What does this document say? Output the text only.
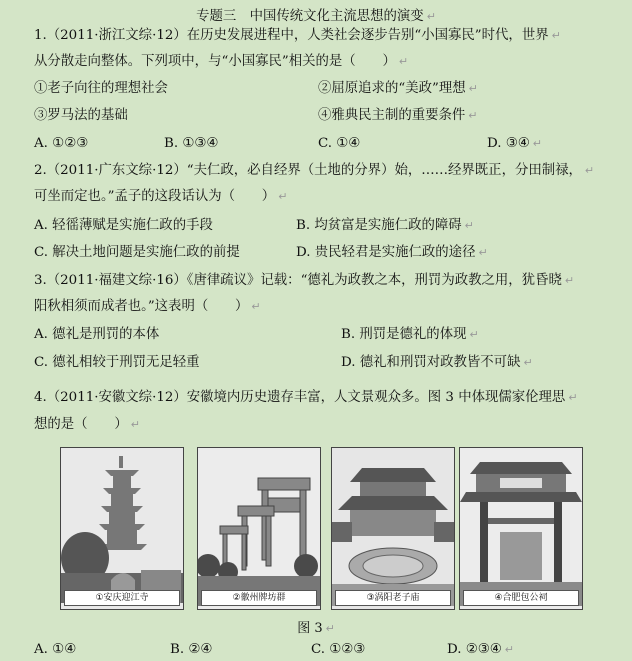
专题三　中国传统文化主流思想的演变 ↵
1.（2011·浙江文综·12）在历史发展进程中，人类社会逐步告别“小国寡民”时代，世界 ↵
从分散走向整体。下列项中，与“小国寡民”相关的是（　　） ↵
①老子向往的理想社会	②屈原追求的“美政”理想 ↵
③罗马法的基础	④雅典民主制的重要条件 ↵
A. ①②③	B. ①③④	C. ①④	D. ③④ ↵
2.（2011·广东文综·12）“夫仁政，必自经界（土地的分界）始，……经界既正，分田制禄， ↵
可坐而定也。”孟子的这段话认为（　　） ↵
A. 轻徭薄赋是实施仁政的手段	B. 均贫富是实施仁政的障碍 ↵
C. 解决土地问题是实施仁政的前提	D. 贵民轻君是实施仁政的途径 ↵
3.（2011·福建文综·16）《唐律疏议》记载：“德礼为政教之本，刑罚为政教之用，犹昏晓 ↵
阳秋相须而成者也。”这表明（　　） ↵
A. 德礼是刑罚的本体	B. 刑罚是德礼的体现 ↵
C. 德礼相较于刑罚无足轻重	D. 德礼和刑罚对政教皆不可缺 ↵
4.（2011·安徽文综·12）安徽境内历史遗存丰富，人文景观众多。图 3 中体现儒家伦理思 ↵
想的是（　　） ↵
①安庆迎江寺	②徽州牌坊群	③涡阳老子庙	④合肥包公祠
图 3 ↵
A. ①④	B. ②④	C. ①②③	D. ②③④ ↵
